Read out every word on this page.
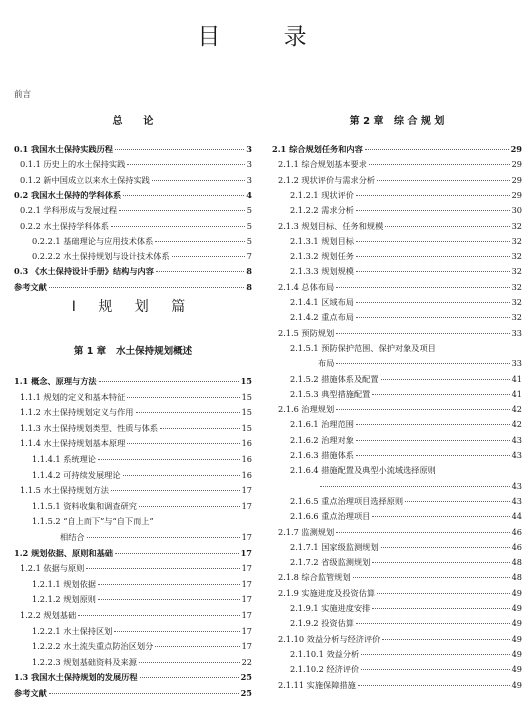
目 录
前言
总      论
0.1 我国水土保持实践历程	3
0.1.1 历史上的水土保持实践	3
0.1.2 新中国成立以来水土保持实践	3
0.2 我国水土保持的学科体系	4
0.2.1 学科形成与发展过程	5
0.2.2 水土保持学科体系	5
0.2.2.1 基础理论与应用技术体系	5
0.2.2.2 水土保持规划与设计技术体系	7
0.3 《水土保持设计手册》结构与内容	8
参考文献	8
Ⅰ 规 划 篇
第 1 章   水土保持规划概述
1.1 概念、原理与方法	15
1.1.1 规划的定义和基本特征	15
1.1.2 水土保持规划定义与作用	15
1.1.3 水土保持规划类型、性质与体系	15
1.1.4 水土保持规划基本原理	16
1.1.4.1 系统理论	16
1.1.4.2 可持续发展理论	16
1.1.5 水土保持规划方法	17
1.1.5.1 资料收集和调查研究	17
1.1.5.2 “自上而下”与“自下而上”
相结合	17
1.2 规划依据、原则和基础	17
1.2.1 依据与原则	17
1.2.1.1 规划依据	17
1.2.1.2 规划原则	17
1.2.2 规划基础	17
1.2.2.1 水土保持区划	17
1.2.2.2 水土流失重点防治区划分	17
1.2.2.3 规划基础资料及来源	22
1.3 我国水土保持规划的发展历程	25
参考文献	25
第 2 章   综 合 规 划
2.1 综合规划任务和内容	29
2.1.1 综合规划基本要求	29
2.1.2 现状评价与需求分析	29
2.1.2.1 现状评价	29
2.1.2.2 需求分析	30
2.1.3 规划目标、任务和规模	32
2.1.3.1 规划目标	32
2.1.3.2 规划任务	32
2.1.3.3 规划规模	32
2.1.4 总体布局	32
2.1.4.1 区域布局	32
2.1.4.2 重点布局	32
2.1.5 预防规划	33
2.1.5.1 预防保护范围、保护对象及项目
布局	33
2.1.5.2 措施体系及配置	41
2.1.5.3 典型措施配置	41
2.1.6 治理规划	42
2.1.6.1 治理范围	42
2.1.6.2 治理对象	43
2.1.6.3 措施体系	43
2.1.6.4 措施配置及典型小流域选择原则
43
2.1.6.5 重点治理项目选择原则	43
2.1.6.6 重点治理项目	44
2.1.7 监测规划	46
2.1.7.1 国家级监测规划	46
2.1.7.2 省级监测规划	48
2.1.8 综合监管规划	48
2.1.9 实施进度及投资估算	49
2.1.9.1 实施进度安排	49
2.1.9.2 投资估算	49
2.1.10 效益分析与经济评价	49
2.1.10.1 效益分析	49
2.1.10.2 经济评价	49
2.1.11 实施保障措施	49
